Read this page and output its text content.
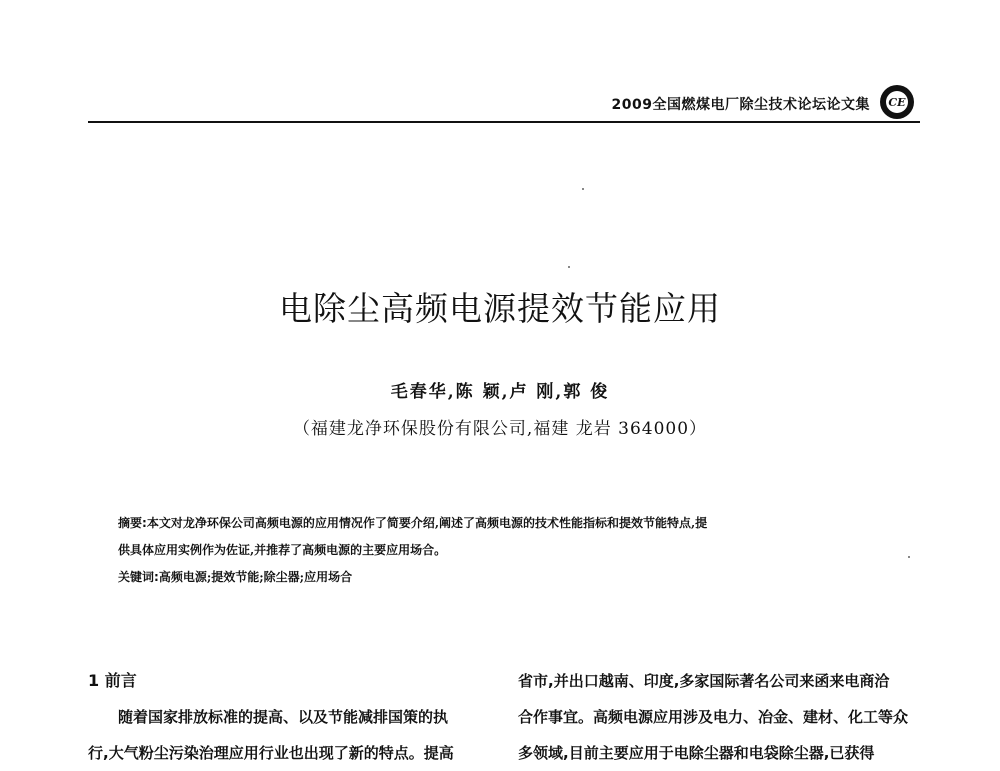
2009全国燃煤电厂除尘技术论坛论文集 CE
电除尘高频电源提效节能应用
毛春华,陈 颖,卢 刚,郭 俊
（福建龙净环保股份有限公司,福建 龙岩 364000）
摘要:本文对龙净环保公司高频电源的应用情况作了简要介绍,阐述了高频电源的技术性能指标和提效节能特点,提
供具体应用实例作为佐证,并推荐了高频电源的主要应用场合。
关键词:高频电源;提效节能;除尘器;应用场合
1 前言
随着国家排放标准的提高、以及节能减排国策的执
行,大气粉尘污染治理应用行业也出现了新的特点。提高
省市,并出口越南、印度,多家国际著名公司来函来电商洽
合作事宜。高频电源应用涉及电力、冶金、建材、化工等众
多领域,目前主要应用于电除尘器和电袋除尘器,已获得
